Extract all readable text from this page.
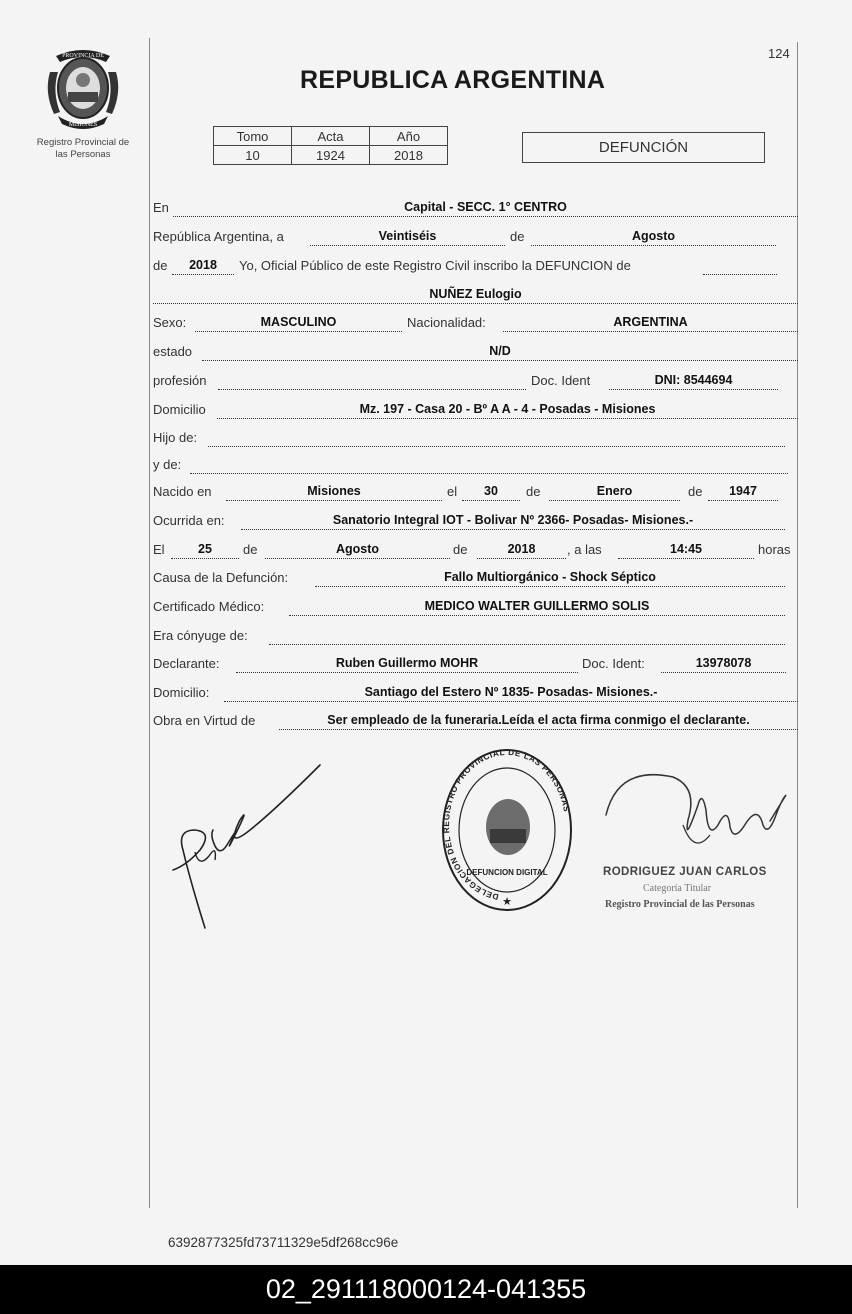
PROVINCIA DE
MISIONES
Registro Provincial de
las Personas
124
REPUBLICA ARGENTINA
Tomo	Acta	Año
10	1924	2018	DEFUNCIÓN
En	Capital - SECC. 1° CENTRO
República Argentina, a	Veintiséis	de	Agosto
de	2018	Yo, Oficial Público de este Registro Civil inscribo la DEFUNCION de
NUÑEZ Eulogio
Sexo:	MASCULINO	Nacionalidad:	ARGENTINA
estado	N/D
profesión	Doc. Ident	DNI: 8544694
Domicilio	Mz. 197 - Casa 20 - Bº A A - 4 - Posadas - Misiones
Hijo de:
y de:
Nacido en	Misiones	el	30	de	Enero	de	1947
Ocurrida en:	Sanatorio Integral IOT - Bolivar Nº 2366- Posadas- Misiones.-
El	25	de	Agosto	de	2018	, a las	14:45	horas
Causa de la Defunción:	Fallo Multiorgánico - Shock Séptico
Certificado Médico:	MEDICO WALTER GUILLERMO SOLIS
Era cónyuge de:
Declarante:	Ruben Guillermo MOHR	Doc. Ident:	13978078
Domicilio:	Santiago del Estero Nº 1835- Posadas- Misiones.-
Obra en Virtud de	Ser empleado de la funeraria.Leída el acta firma conmigo el declarante.
DELEGACION DEL REGISTRO PROVINCIAL DE LAS PERSONAS
DEFUNCION DIGITAL
★
RODRIGUEZ JUAN CARLOS
Categoría Titular
Registro Provincial de las Personas
6392877325fd73711329e5df268cc96e
02_291118000124-041355
